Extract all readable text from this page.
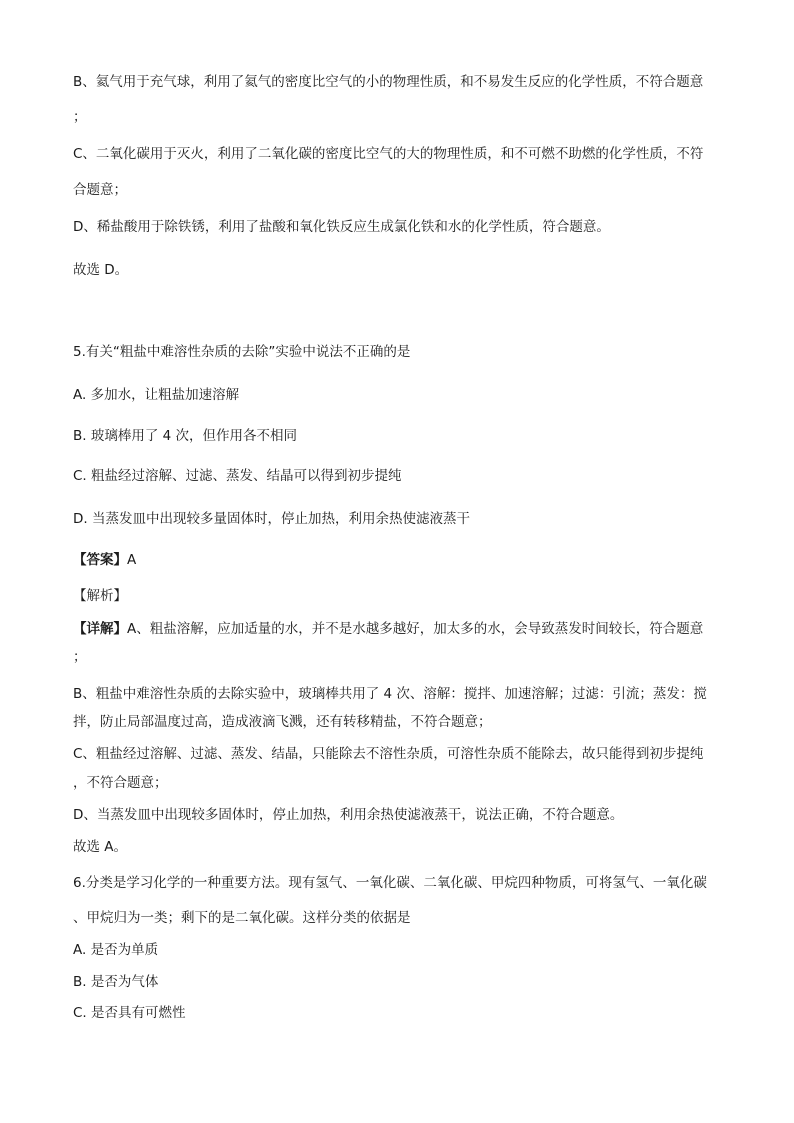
B、氦气用于充气球，利用了氦气的密度比空气的小的物理性质，和不易发生反应的化学性质，不符合题意
；
C、二氧化碳用于灭火，利用了二氧化碳的密度比空气的大的物理性质，和不可燃不助燃的化学性质，不符
合题意；
D、稀盐酸用于除铁锈，利用了盐酸和氧化铁反应生成氯化铁和水的化学性质，符合题意。
故选 D。
5.有关“粗盐中难溶性杂质的去除”实验中说法不正确的是
A. 多加水，让粗盐加速溶解
B. 玻璃棒用了 4 次，但作用各不相同
C. 粗盐经过溶解、过滤、蒸发、结晶可以得到初步提纯
D. 当蒸发皿中出现较多量固体时，停止加热，利用余热使滤液蒸干
【答案】A
【解析】
【详解】A、粗盐溶解，应加适量的水，并不是水越多越好，加太多的水，会导致蒸发时间较长，符合题意
；
B、粗盐中难溶性杂质的去除实验中，玻璃棒共用了 4 次、溶解：搅拌、加速溶解；过滤：引流；蒸发：搅
拌，防止局部温度过高，造成液滴飞溅，还有转移精盐，不符合题意；
C、粗盐经过溶解、过滤、蒸发、结晶，只能除去不溶性杂质，可溶性杂质不能除去，故只能得到初步提纯
，不符合题意；
D、当蒸发皿中出现较多固体时，停止加热，利用余热使滤液蒸干，说法正确，不符合题意。
故选 A。
6.分类是学习化学的一种重要方法。现有氢气、一氧化碳、二氧化碳、甲烷四种物质，可将氢气、一氧化碳
、甲烷归为一类；剩下的是二氧化碳。这样分类的依据是
A. 是否为单质
B. 是否为气体
C. 是否具有可燃性
